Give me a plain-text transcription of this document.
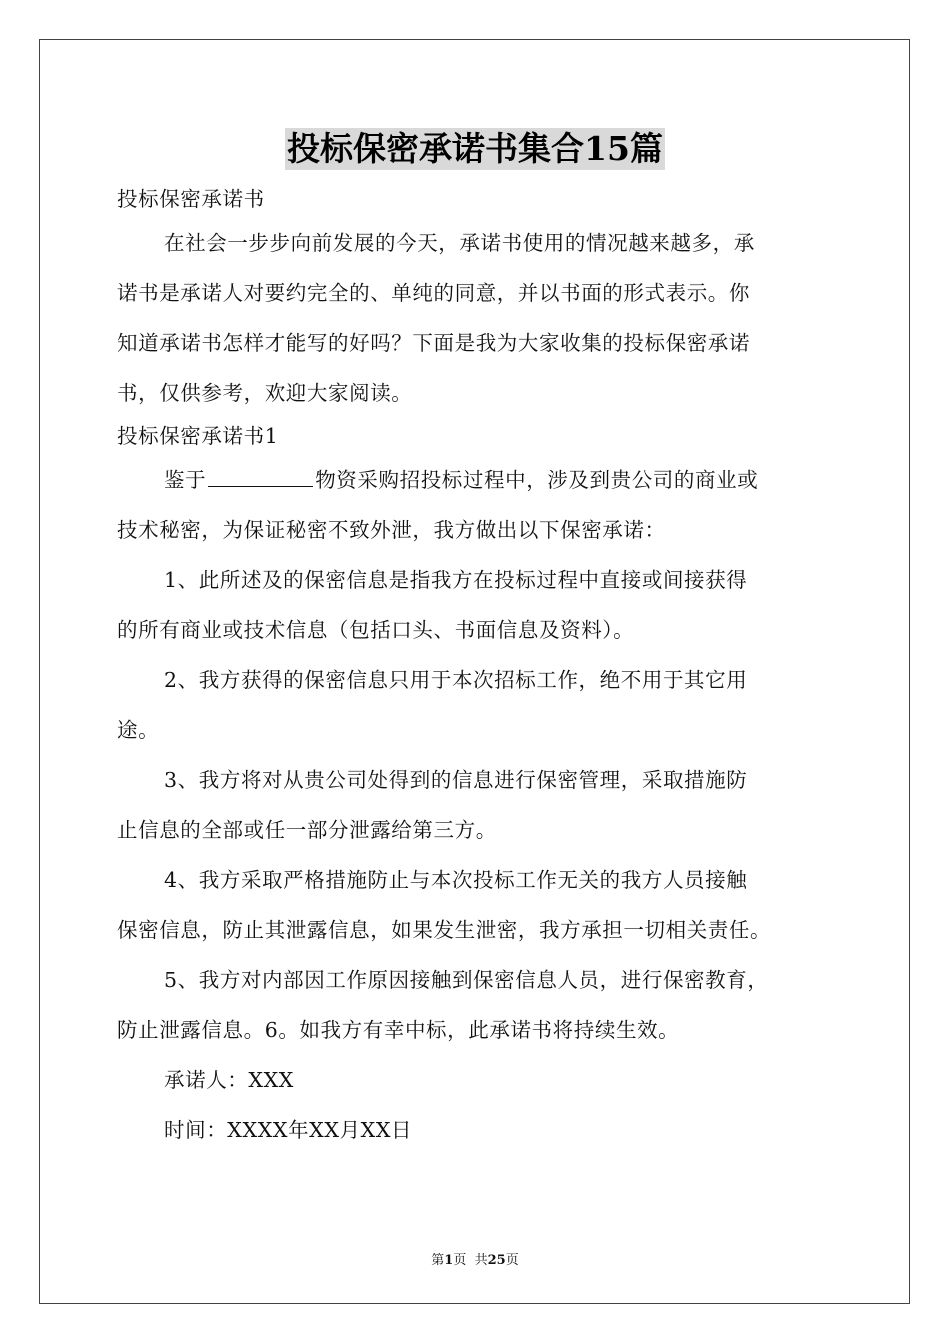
投标保密承诺书集合15篇
投标保密承诺书
在社会一步步向前发展的今天，承诺书使用的情况越来越多，承
诺书是承诺人对要约完全的、单纯的同意，并以书面的形式表示。你
知道承诺书怎样才能写的好吗？下面是我为大家收集的投标保密承诺
书，仅供参考，欢迎大家阅读。
投标保密承诺书1
鉴于	物资采购招投标过程中，涉及到贵公司的商业或
技术秘密，为保证秘密不致外泄，我方做出以下保密承诺：
1、此所述及的保密信息是指我方在投标过程中直接或间接获得
的所有商业或技术信息（包括口头、书面信息及资料）。
2、我方获得的保密信息只用于本次招标工作，绝不用于其它用
途。
3、我方将对从贵公司处得到的信息进行保密管理，采取措施防
止信息的全部或任一部分泄露给第三方。
4、我方采取严格措施防止与本次投标工作无关的我方人员接触
保密信息，防止其泄露信息，如果发生泄密，我方承担一切相关责任。
5、我方对内部因工作原因接触到保密信息人员，进行保密教育，
防止泄露信息。6。如我方有幸中标，此承诺书将持续生效。
承诺人：XXX
时间：XXXX年XX月XX日
第1页  共25页
